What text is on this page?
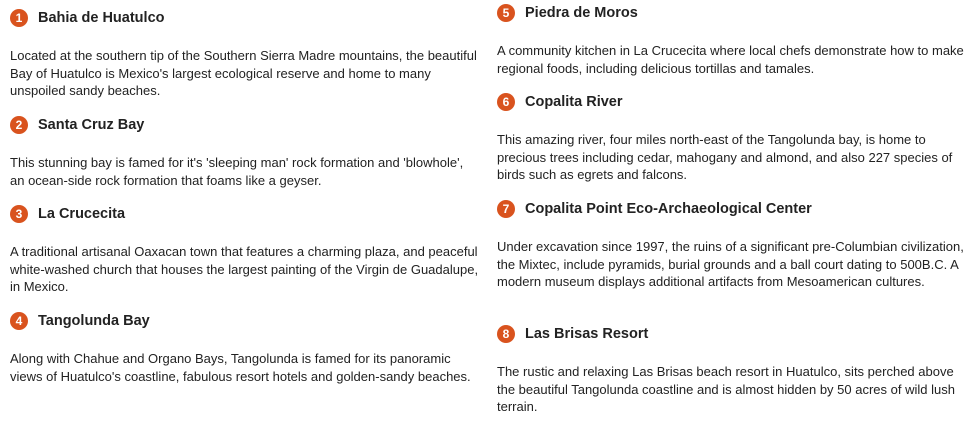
1	Bahia de Huatulco

Located at the southern tip of the Southern Sierra Madre mountains, the beautiful Bay of Huatulco is Mexico's largest ecological reserve and home to many unspoiled sandy beaches.

2	Santa Cruz Bay

This stunning bay is famed for it's 'sleeping man' rock formation and 'blowhole', an ocean-side rock formation that foams like a geyser.

3	La Crucecita

A traditional artisanal Oaxacan town that features a charming plaza, and peaceful white-washed church that houses the largest painting of the Virgin de Guadalupe, in Mexico.

4	Tangolunda Bay

Along with Chahue and Organo Bays, Tangolunda is famed for its panoramic views of Huatulco's coastline, fabulous resort hotels and golden-sandy beaches.

5	Piedra de Moros

A community kitchen in La Crucecita where local chefs demonstrate how to make regional foods, including delicious tortillas and tamales.

6	Copalita River

This amazing river, four miles north-east of the Tangolunda bay, is home to precious trees including cedar, mahogany and almond, and also 227 species of birds such as egrets and falcons.

7	Copalita Point Eco-Archaeological Center

Under excavation since 1997, the ruins of a significant pre-Columbian civilization, the Mixtec, include pyramids, burial grounds and a ball court dating to 500B.C. A modern museum displays additional artifacts from Mesoamerican cultures.

8	Las Brisas Resort

The rustic and relaxing Las Brisas beach resort in Huatulco, sits perched above the beautiful Tangolunda coastline and is almost hidden by 50 acres of wild lush terrain.
